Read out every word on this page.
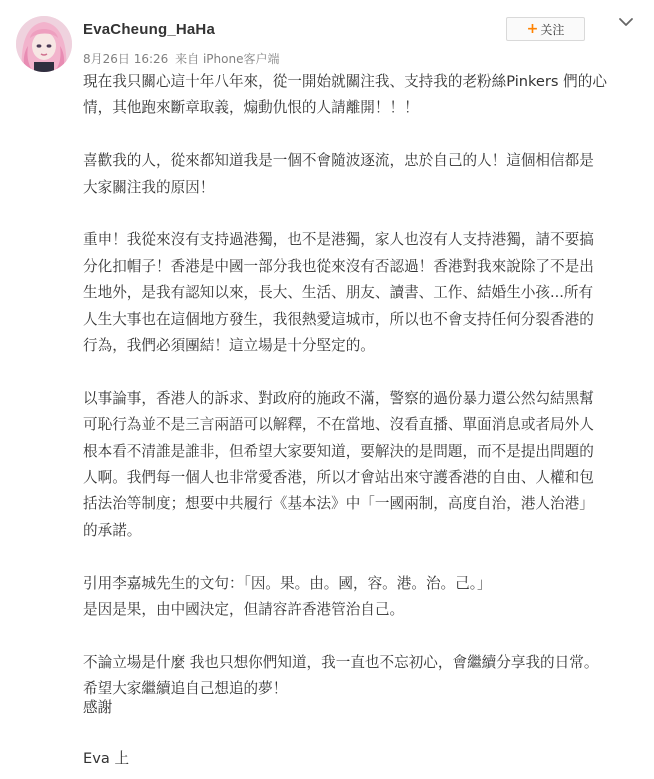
EvaCheung_HaHa
8月26日 16:26 来自 iPhone客户端
+ 关注

現在我只關心這十年八年來，從一開始就關注我、支持我的老粉絲Pinkers 們的心
情，其他跑來斷章取義，煽動仇恨的人請離開！！！

喜歡我的人，從來都知道我是一個不會隨波逐流，忠於自己的人！這個相信都是
大家關注我的原因！

重申！我從來沒有支持過港獨，也不是港獨，家人也沒有人支持港獨，請不要搞
分化扣帽子！香港是中國一部分我也從來沒有否認過！香港對我來說除了不是出
生地外，是我有認知以來，長大、生活、朋友、讀書、工作、結婚生小孩...所有
人生大事也在這個地方發生，我很熱愛這城市，所以也不會支持任何分裂香港的
行為，我們必須團結！這立場是十分堅定的。

以事論事，香港人的訴求、對政府的施政不滿，警察的過份暴力還公然勾結黑幫
可恥行為並不是三言兩語可以解釋，不在當地、沒看直播、單面消息或者局外人
根本看不清誰是誰非，但希望大家要知道，要解決的是問題，而不是提出問題的
人啊。我們每一個人也非常愛香港，所以才會站出來守護香港的自由、人權和包
括法治等制度；想要中共履行《基本法》中「一國兩制，高度自治，港人治港」
的承諾。

引用李嘉城先生的文句：「因。果。由。國，容。港。治。己。」
是因是果，由中國決定，但請容許香港管治自己。

不論立場是什麼 我也只想你們知道，我一直也不忘初心，會繼續分享我的日常。
希望大家繼續追自己想追的夢！

感謝
Eva 上
